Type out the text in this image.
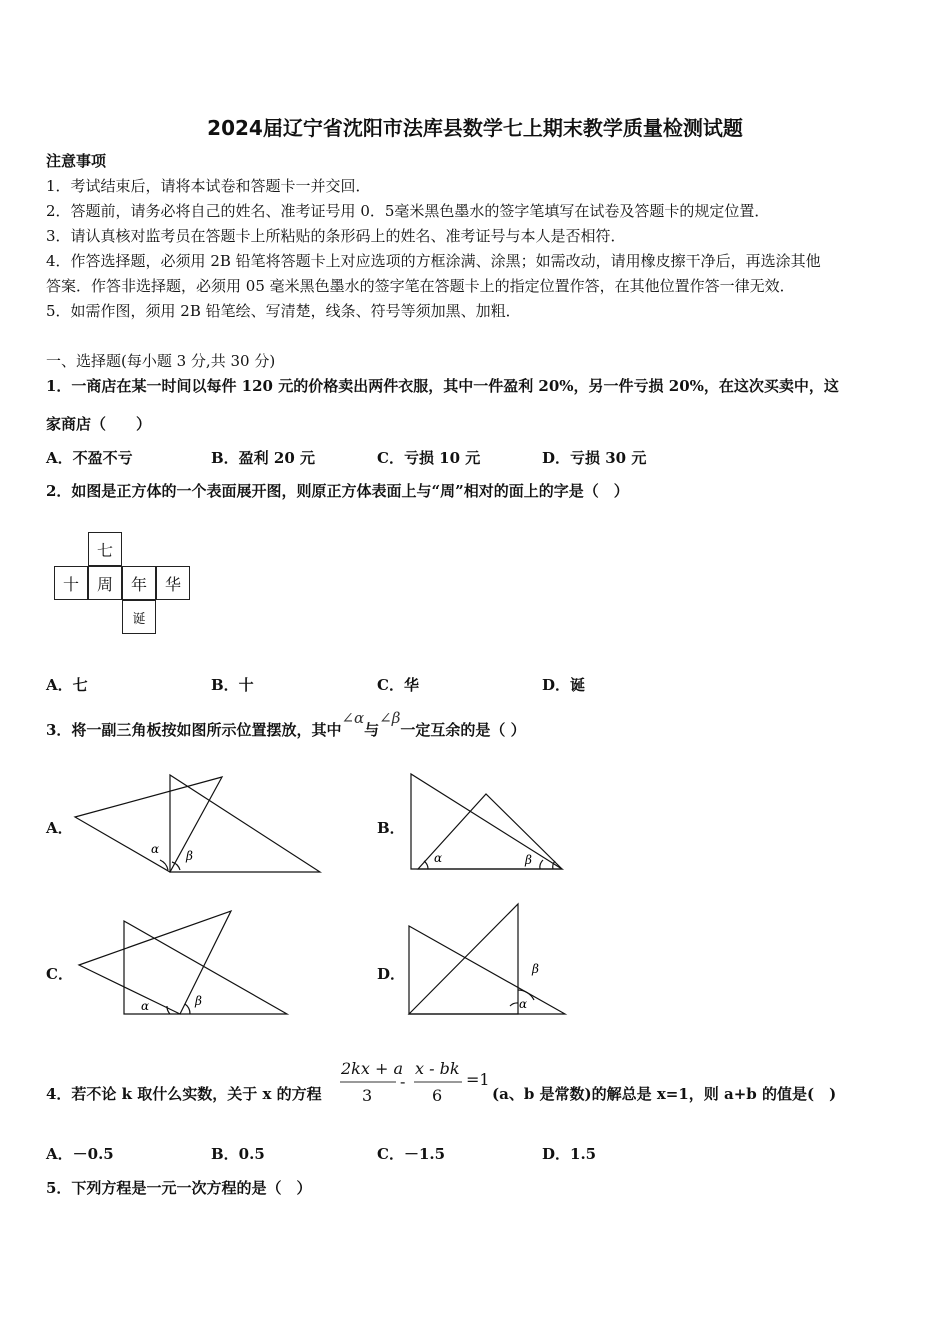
2024届辽宁省沈阳市法库县数学七上期末教学质量检测试题
注意事项
1．考试结束后，请将本试卷和答题卡一并交回．
2．答题前，请务必将自己的姓名、准考证号用 0．5毫米黑色墨水的签字笔填写在试卷及答题卡的规定位置．
3．请认真核对监考员在答题卡上所粘贴的条形码上的姓名、准考证号与本人是否相符．
4．作答选择题，必须用 2B 铅笔将答题卡上对应选项的方框涂满、涂黑；如需改动，请用橡皮擦干净后，再选涂其他
答案．作答非选择题，必须用 05 毫米黑色墨水的签字笔在答题卡上的指定位置作答，在其他位置作答一律无效．
5．如需作图，须用 2B 铅笔绘、写清楚，线条、符号等须加黑、加粗．
一、选择题(每小题 3 分,共 30 分)
1．一商店在某一时间以每件 120 元的价格卖出两件衣服，其中一件盈利 20%，另一件亏损 20%，在这次买卖中，这
家商店（　　）
A．不盈不亏	B．盈利 20 元	C．亏损 10 元	D．亏损 30 元
2．如图是正方体的一个表面展开图，则原正方体表面上与“周”相对的面上的字是（　）
七
十	周	年	华
诞
A．七	B．十	C．华	D．诞
3．将一副三角板按如图所示位置摆放，其中∠α与∠β一定互余的是（ ）
A．	B．
C．	D．
α β	α	β
α	β
β
α
4．若不论 k 取什么实数，关于 x 的方程
2kx + a
3
-
x - bk
6
=1
(a、b 是常数)的解总是 x=1，则 a+b 的值是(　)
A．－0.5	B．0.5	C．－1.5	D．1.5
5．下列方程是一元一次方程的是（　）
